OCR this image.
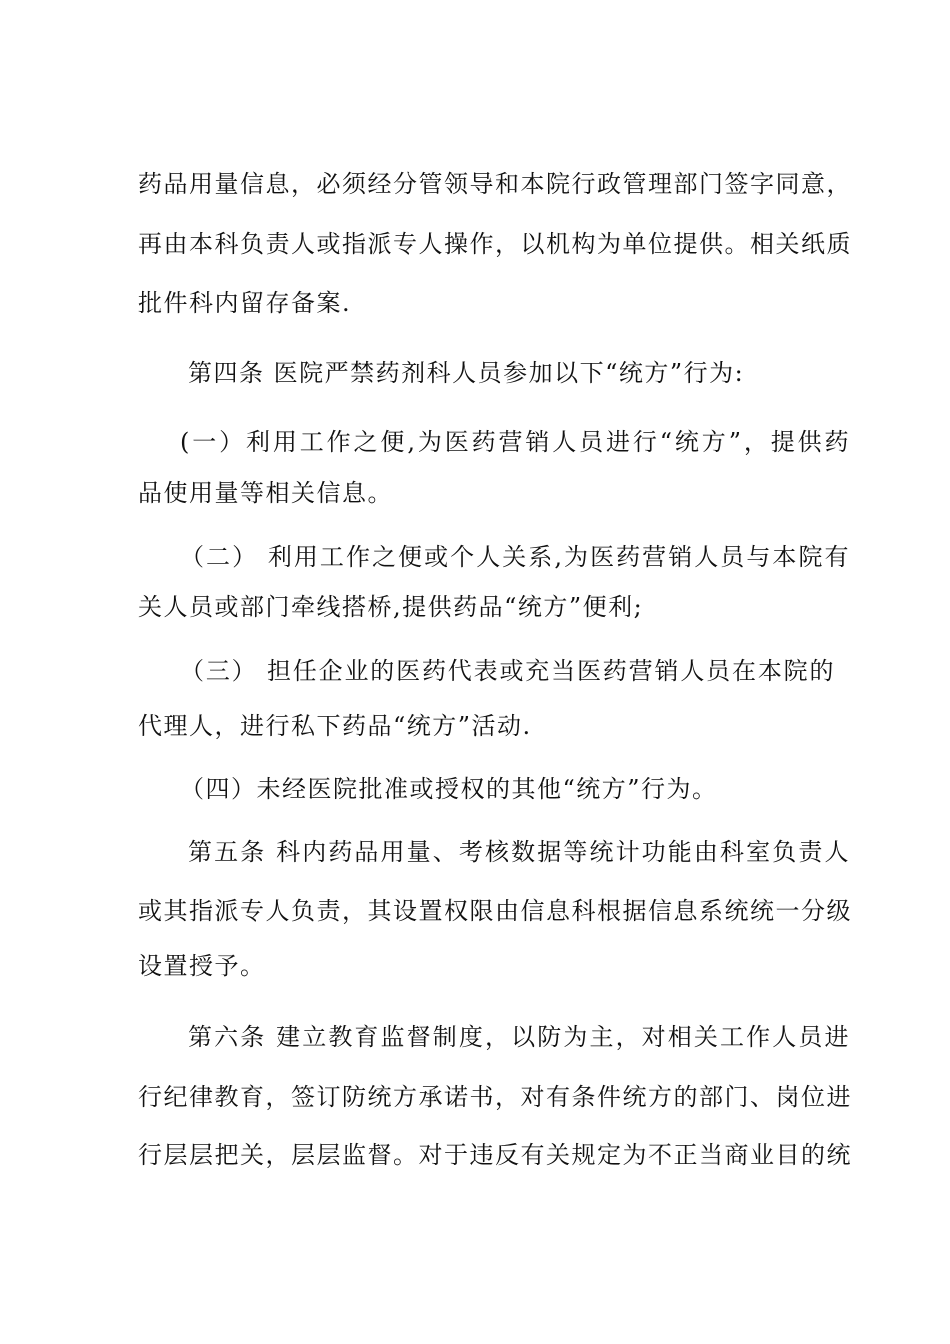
药品用量信息，必须经分管领导和本院行政管理部门签字同意，
再由本科负责人或指派专人操作，以机构为单位提供。相关纸质
批件科内留存备案.
第四条 医院严禁药剂科人员参加以下“统方”行为:
(一）利用工作之便,为医药营销人员进行“统方”，提供药
品使用量等相关信息。
（二） 利用工作之便或个人关系,为医药营销人员与本院有
关人员或部门牵线搭桥,提供药品“统方”便利;
（三） 担任企业的医药代表或充当医药营销人员在本院的
代理人，进行私下药品“统方”活动.
（四）未经医院批准或授权的其他“统方”行为。
第五条 科内药品用量、考核数据等统计功能由科室负责人
或其指派专人负责，其设置权限由信息科根据信息系统统一分级
设置授予。
第六条 建立教育监督制度，以防为主，对相关工作人员进
行纪律教育，签订防统方承诺书，对有条件统方的部门、岗位进
行层层把关，层层监督。对于违反有关规定为不正当商业目的统
